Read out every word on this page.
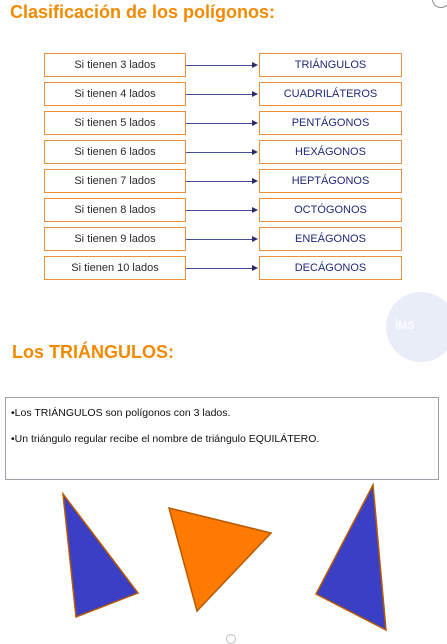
Clasificación de los polígonos:
Si tienen 3 lados	TRIÁNGULOS
Si tienen 4 lados	CUADRILÁTEROS
Si tienen 5 lados	PENTÁGONOS
Si tienen 6 lados	HEXÁGONOS
Si tienen 7 lados	HEPTÁGONOS
Si tienen 8 lados	OCTÓGONOS
Si tienen 9 lados	ENEÁGONOS
Si tienen 10 lados	DECÁGONOS
ÌMS
Los TRIÁNGULOS:
•Los TRIÁNGULOS son polígonos con 3 lados.
•Un triángulo regular recibe el nombre de triángulo EQUILÁTERO.
